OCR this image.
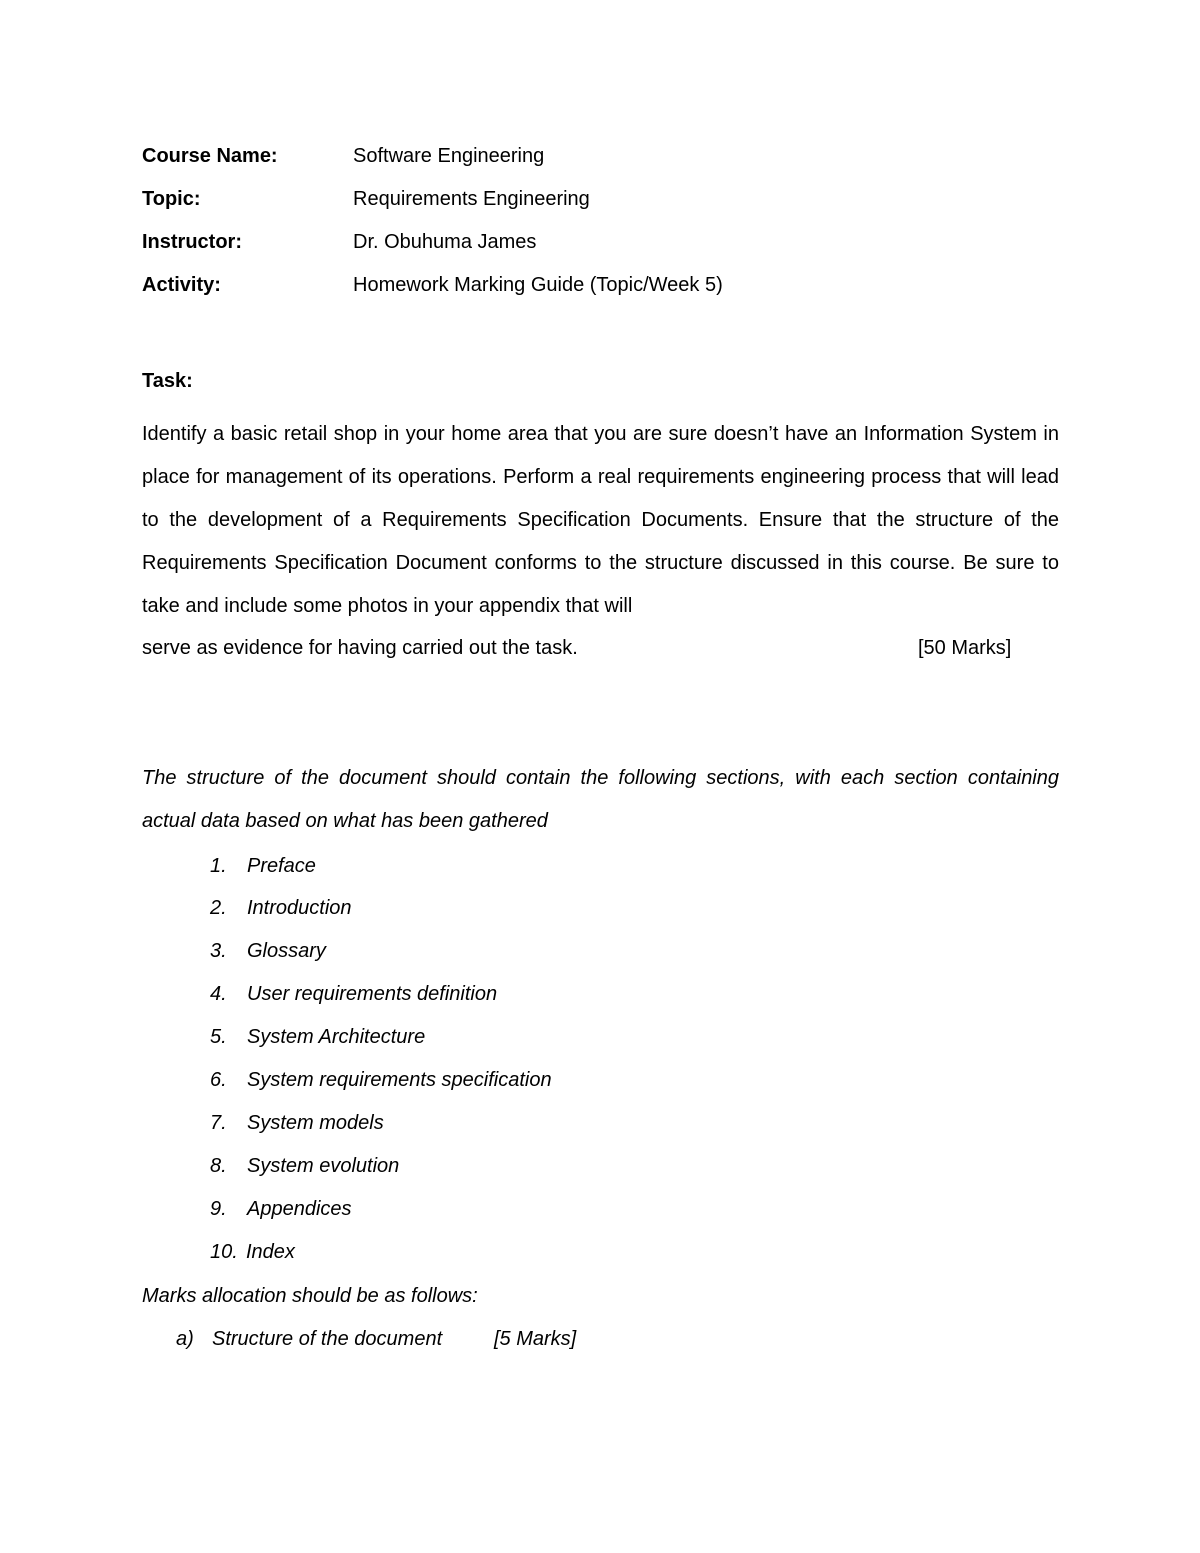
Course Name:	Software Engineering
Topic:	Requirements Engineering
Instructor:	Dr. Obuhuma James
Activity:	Homework Marking Guide (Topic/Week 5)
Task:
Identify a basic retail shop in your home area that you are sure doesn’t have an Information System in place for management of its operations. Perform a real requirements engineering process that will lead to the development of a Requirements Specification Documents. Ensure that the structure of the Requirements Specification Document conforms to the structure discussed in this course. Be sure to take and include some photos in your appendix that will
serve as evidence for having carried out the task.	[50 Marks]
The structure of the document should contain the following sections, with each section containing actual data based on what has been gathered
1.	Preface
2.	Introduction
3.	Glossary
4.	User requirements definition
5.	System Architecture
6.	System requirements specification
7.	System models
8.	System evolution
9.	Appendices
10. Index
Marks allocation should be as follows:
a) Structure of the document	[5 Marks]
